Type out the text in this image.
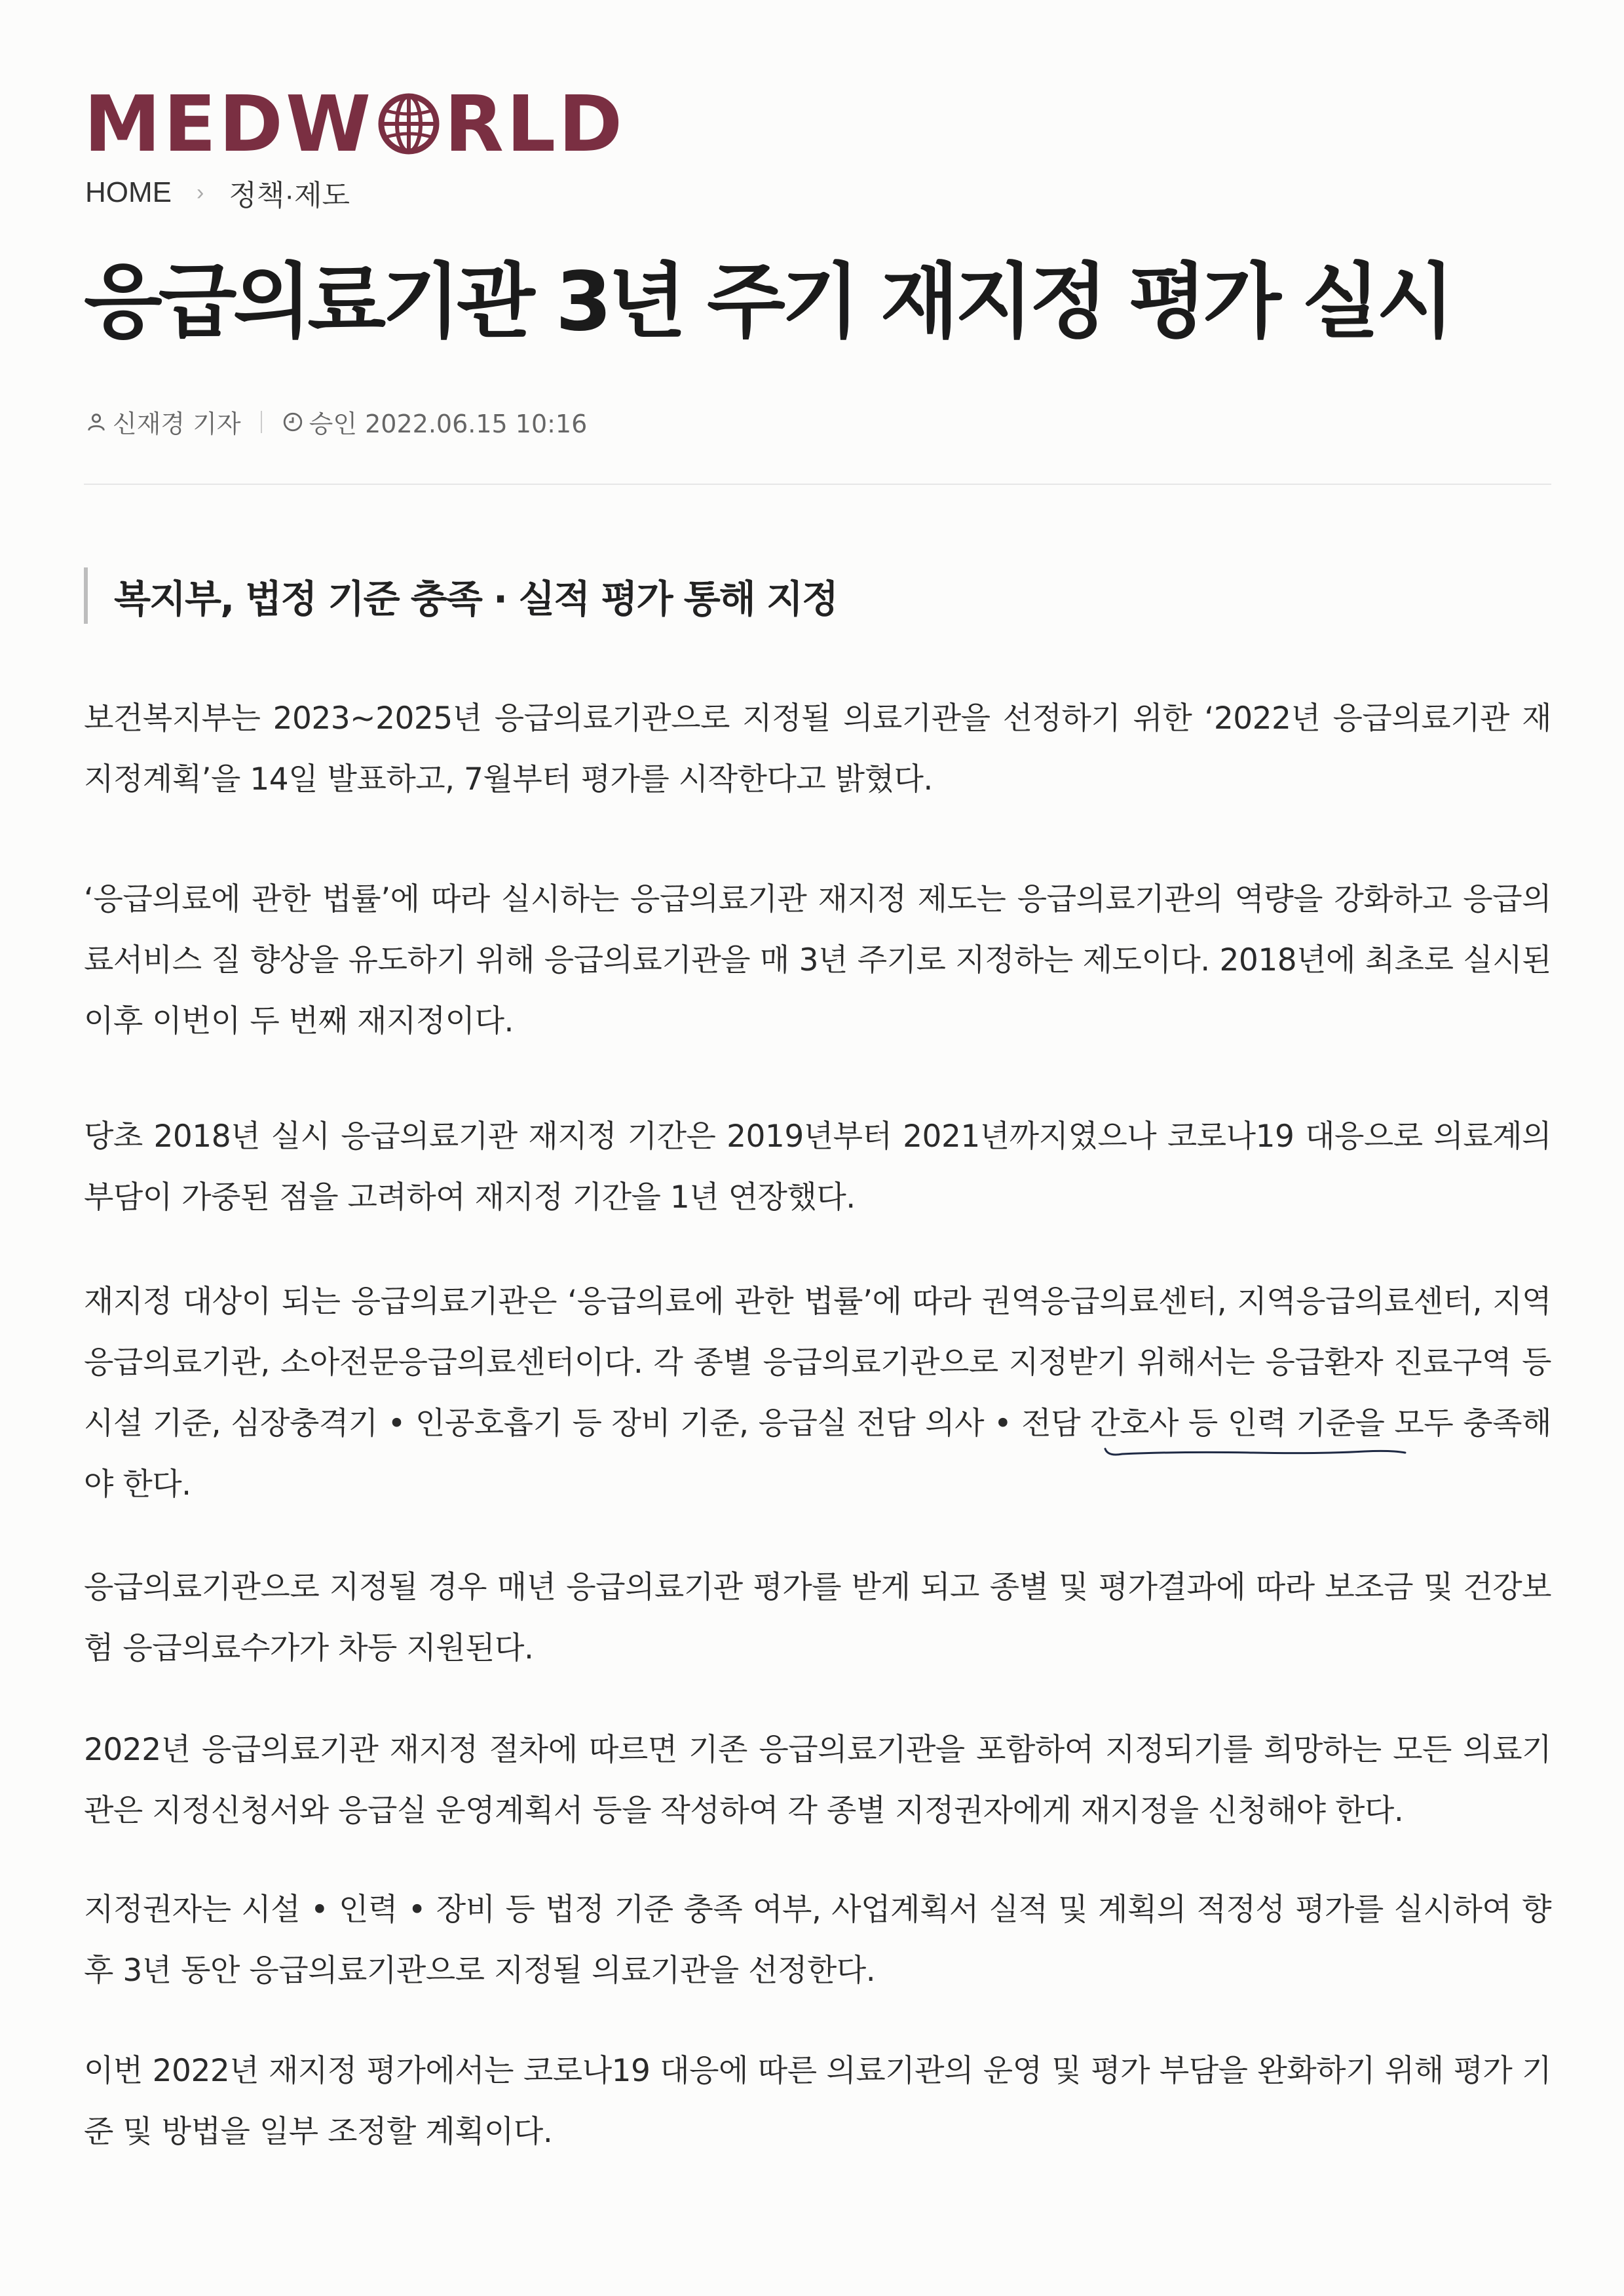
MEDW RLD
HOME › 정책·제도
응급의료기관 3년 주기 재지정 평가 실시
신재경 기자	승인 2022.06.15 10:16
복지부, 법정 기준 충족 · 실적 평가 통해 지정

보건복지부는 2023~2025년 응급의료기관으로 지정될 의료기관을 선정하기 위한 ‘2022년 응급의료기관 재지정계획’을 14일 발표하고, 7월부터 평가를 시작한다고 밝혔다.

‘응급의료에 관한 법률’에 따라 실시하는 응급의료기관 재지정 제도는 응급의료기관의 역량을 강화하고 응급의료서비스 질 향상을 유도하기 위해 응급의료기관을 매 3년 주기로 지정하는 제도이다. 2018년에 최초로 실시된 이후 이번이 두 번째 재지정이다.

당초 2018년 실시 응급의료기관 재지정 기간은 2019년부터 2021년까지였으나 코로나19 대응으로 의료계의 부담이 가중된 점을 고려하여 재지정 기간을 1년 연장했다.

재지정 대상이 되는 응급의료기관은 ‘응급의료에 관한 법률’에 따라 권역응급의료센터, 지역응급의료센터, 지역응급의료기관, 소아전문응급의료센터이다. 각 종별 응급의료기관으로 지정받기 위해서는 응급환자 진료구역 등 시설 기준, 심장충격기 • 인공호흡기 등 장비 기준, 응급실 전담 의사 • 전담 간호사 등 인력 기준을 모두 충족해야 한다.

응급의료기관으로 지정될 경우 매년 응급의료기관 평가를 받게 되고 종별 및 평가결과에 따라 보조금 및 건강보험 응급의료수가가 차등 지원된다.

2022년 응급의료기관 재지정 절차에 따르면 기존 응급의료기관을 포함하여 지정되기를 희망하는 모든 의료기관은 지정신청서와 응급실 운영계획서 등을 작성하여 각 종별 지정권자에게 재지정을 신청해야 한다.

지정권자는 시설 • 인력 • 장비 등 법정 기준 충족 여부, 사업계획서 실적 및 계획의 적정성 평가를 실시하여 향후 3년 동안 응급의료기관으로 지정될 의료기관을 선정한다.

이번 2022년 재지정 평가에서는 코로나19 대응에 따른 의료기관의 운영 및 평가 부담을 완화하기 위해 평가 기준 및 방법을 일부 조정할 계획이다.
